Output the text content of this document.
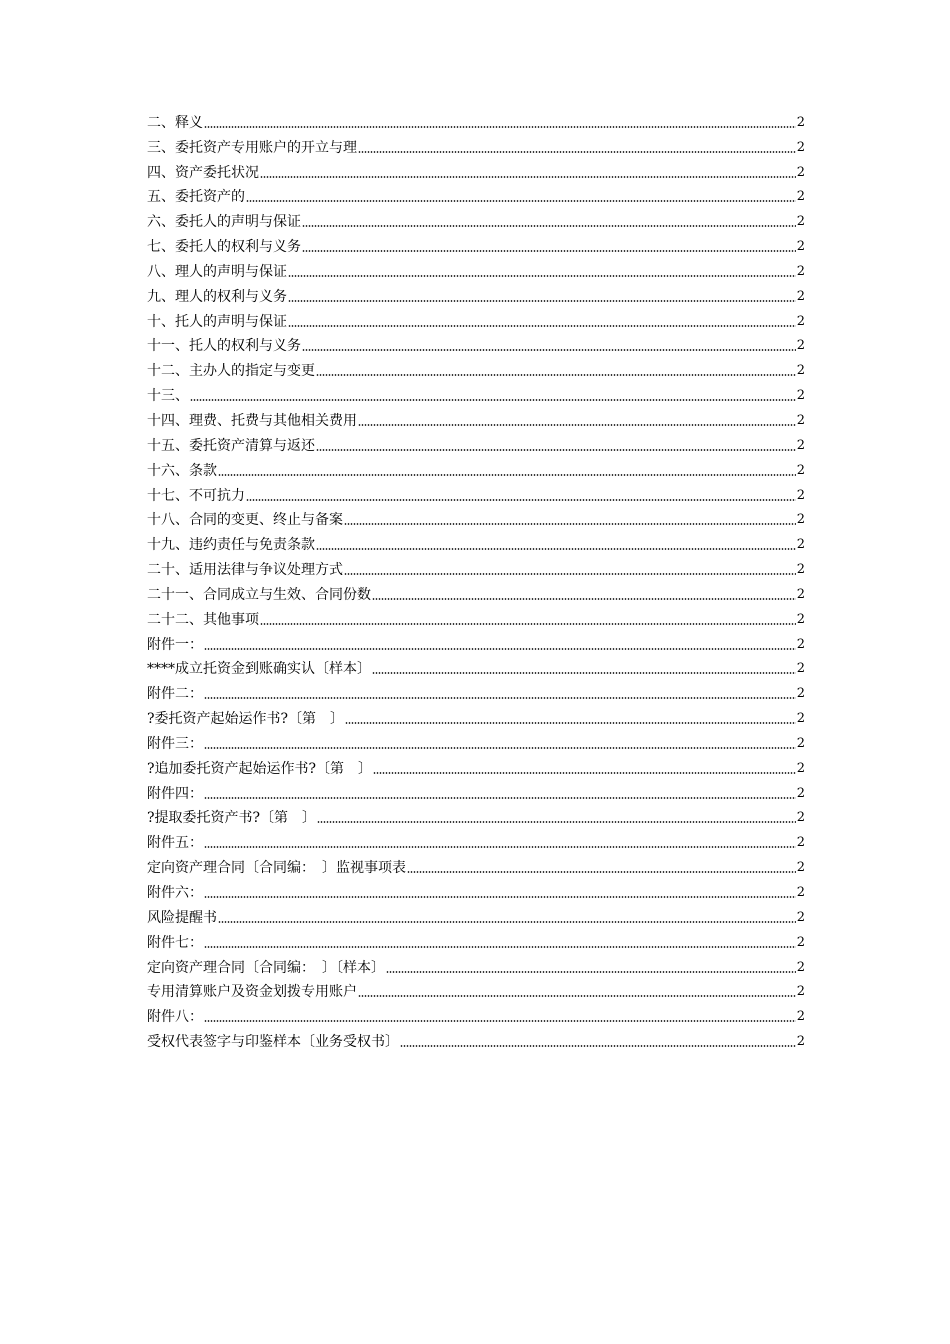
二、释义	2
三、委托资产专用账户的开立与理	2
四、资产委托状况	2
五、委托资产的	2
六、委托人的声明与保证	2
七、委托人的权利与义务	2
八、理人的声明与保证	2
九、理人的权利与义务	2
十、托人的声明与保证	2
十一、托人的权利与义务	2
十二、主办人的指定与变更	2
十三、	2
十四、理费、托费与其他相关费用	2
十五、委托资产清算与返还	2
十六、条款	2
十七、不可抗力	2
十八、合同的变更、终止与备案	2
十九、违约责任与免责条款	2
二十、适用法律与争议处理方式	2
二十一、合同成立与生效、合同份数	2
二十二、其他事项	2
附件一：	2
****成立托资金到账确实认〔样本〕	2
附件二：	2
?委托资产起始运作书?〔第　〕	2
附件三：	2
?追加委托资产起始运作书?〔第　〕	2
附件四：	2
?提取委托资产书?〔第　〕	2
附件五：	2
定向资产理合同〔合同编：　〕监视事项表	2
附件六：	2
风险提醒书	2
附件七：	2
定向资产理合同〔合同编：　〕〔样本〕	2
专用清算账户及资金划拨专用账户	2
附件八：	2
受权代表签字与印鉴样本〔业务受权书〕	2
